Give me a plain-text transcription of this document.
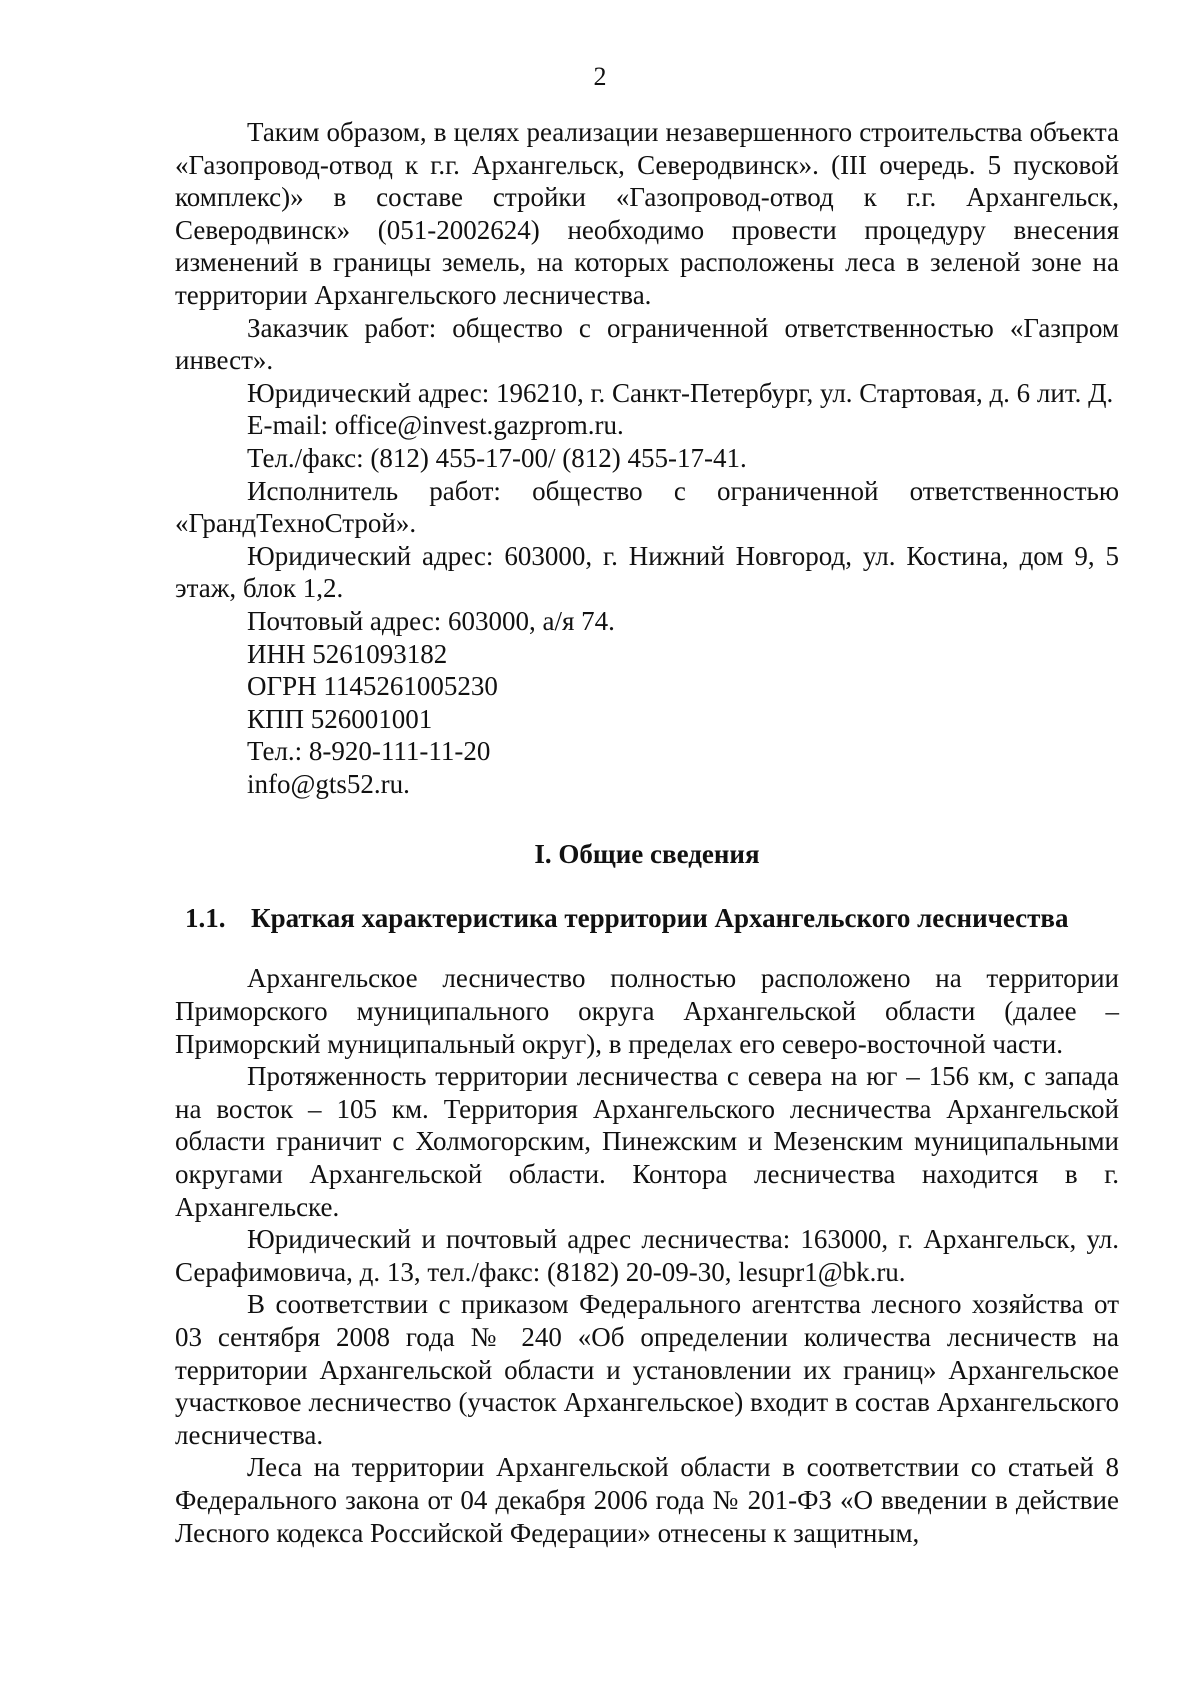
2

Таким образом, в целях реализации незавершенного строительства объекта «Газопровод-отвод к г.г. Архангельск, Северодвинск». (III очередь. 5 пусковой комплекс)» в составе стройки «Газопровод-отвод к г.г. Архангельск, Северодвинск» (051-2002624) необходимо провести процедуру внесения изменений в границы земель, на которых расположены леса в зеленой зоне на территории Архангельского лесничества.

Заказчик работ: общество с ограниченной ответственностью «Газпром инвест».

Юридический адрес: 196210, г. Санкт-Петербург, ул. Стартовая, д. 6 лит. Д.

E-mail: office@invest.gazprom.ru.

Тел./факс: (812) 455-17-00/ (812) 455-17-41.

Исполнитель работ: общество с ограниченной ответственностью «ГрандТехноСтрой».

Юридический адрес: 603000, г. Нижний Новгород, ул. Костина, дом 9, 5 этаж, блок 1,2.

Почтовый адрес: 603000, а/я 74.

ИНН 5261093182

ОГРН 1145261005230

КПП 526001001

Тел.: 8-920-111-11-20

info@gts52.ru.

I. Общие сведения
1.1. Краткая характеристика территории Архангельского лесничества

Архангельское лесничество полностью расположено на территории Приморского муниципального округа Архангельской области (далее – Приморский муниципальный округ), в пределах его северо-восточной части.

Протяженность территории лесничества с севера на юг – 156 км, с запада на восток – 105 км. Территория Архангельского лесничества Архангельской области граничит с Холмогорским, Пинежским и Мезенским муниципальными округами Архангельской области. Контора лесничества находится в г. Архангельске.

Юридический и почтовый адрес лесничества: 163000, г. Архангельск, ул. Серафимовича, д. 13, тел./факс: (8182) 20-09-30, lesupr1@bk.ru.

В соответствии с приказом Федерального агентства лесного хозяйства от 03 сентября 2008 года № 240 «Об определении количества лесничеств на территории Архангельской области и установлении их границ» Архангельское участковое лесничество (участок Архангельское) входит в состав Архангельского лесничества.

Леса на территории Архангельской области в соответствии со статьей 8 Федерального закона от 04 декабря 2006 года № 201-ФЗ «О введении в действие Лесного кодекса Российской Федерации» отнесены к защитным,
